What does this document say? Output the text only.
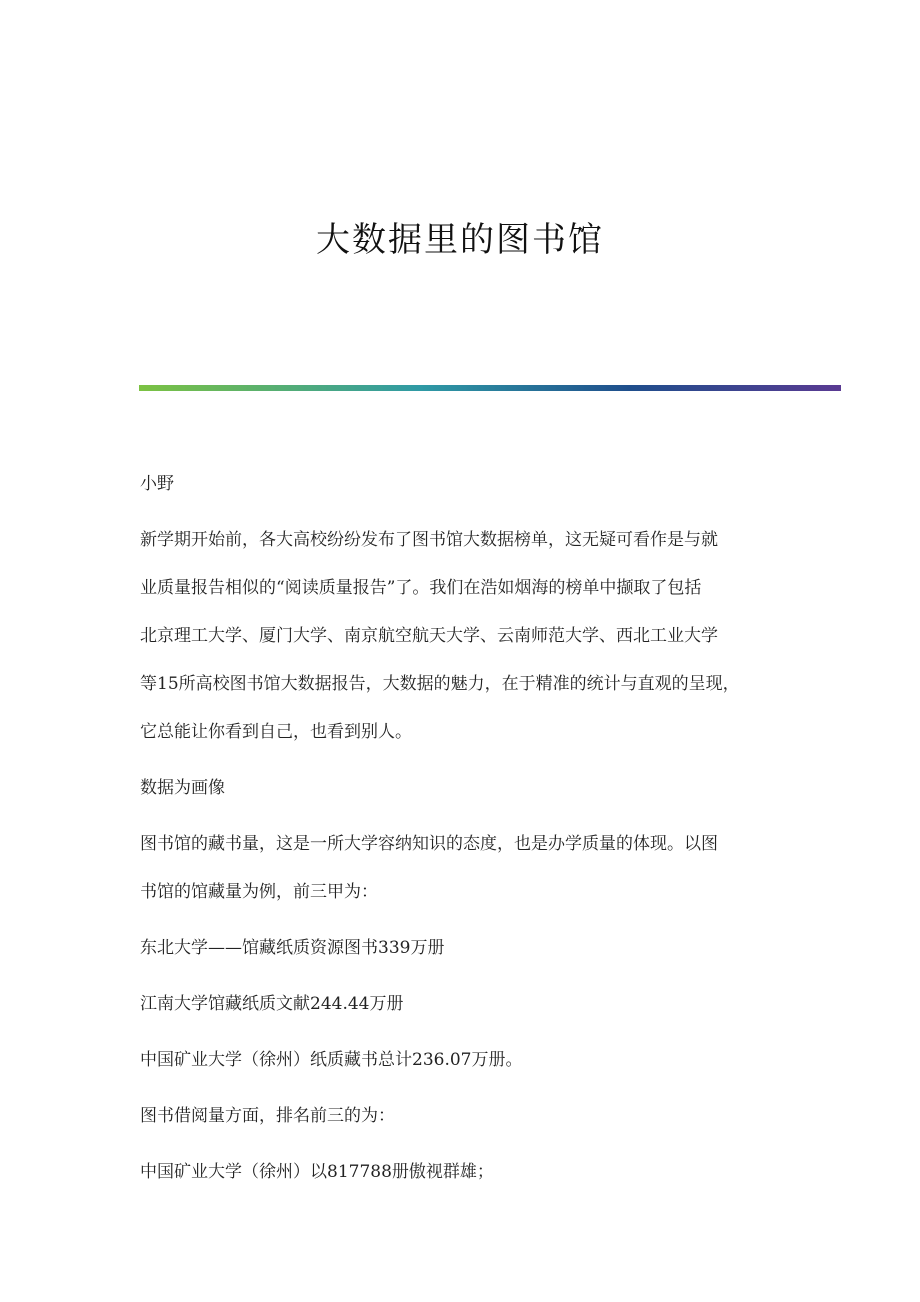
大数据里的图书馆
小野
新学期开始前，各大高校纷纷发布了图书馆大数据榜单，这无疑可看作是与就
业质量报告相似的“阅读质量报告”了。我们在浩如烟海的榜单中撷取了包括
北京理工大学、厦门大学、南京航空航天大学、云南师范大学、西北工业大学
等15所高校图书馆大数据报告，大数据的魅力，在于精准的统计与直观的呈现，
它总能让你看到自己，也看到别人。
数据为画像
图书馆的藏书量，这是一所大学容纳知识的态度，也是办学质量的体现。以图
书馆的馆藏量为例，前三甲为：
东北大学——馆藏纸质资源图书339万册
江南大学馆藏纸质文献244.44万册
中国矿业大学（徐州）纸质藏书总计236.07万册。
图书借阅量方面，排名前三的为：
中国矿业大学（徐州）以817788册傲视群雄；
